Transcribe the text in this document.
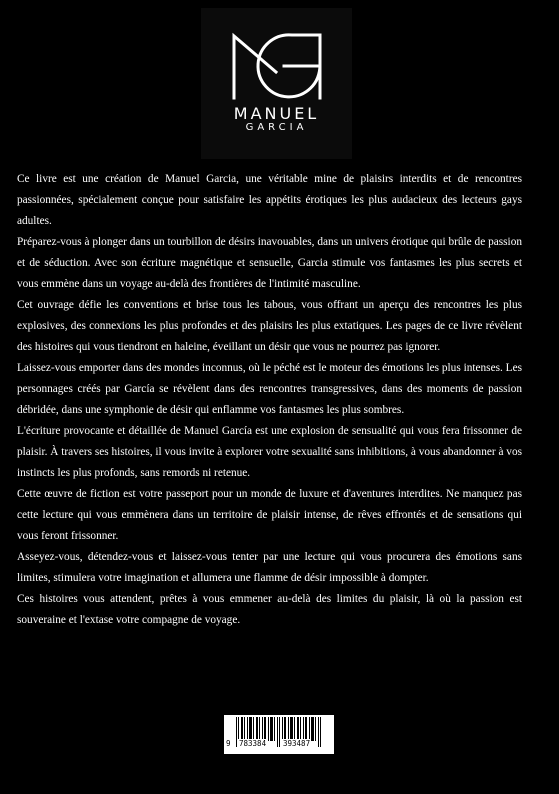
MANUEL
GARCIA

Ce livre est une création de Manuel Garcia, une véritable mine de plaisirs interdits et de rencontres passionnées, spécialement conçue pour satisfaire les appétits érotiques les plus audacieux des lecteurs gays adultes.

Préparez-vous à plonger dans un tourbillon de désirs inavouables, dans un univers érotique qui brûle de passion et de séduction. Avec son écriture magnétique et sensuelle, Garcia stimule vos fantasmes les plus secrets et vous emmène dans un voyage au-delà des frontières de l'intimité masculine.

Cet ouvrage défie les conventions et brise tous les tabous, vous offrant un aperçu des rencontres les plus explosives, des connexions les plus profondes et des plaisirs les plus extatiques. Les pages de ce livre révèlent des histoires qui vous tiendront en haleine, éveillant un désir que vous ne pourrez pas ignorer.

Laissez-vous emporter dans des mondes inconnus, où le péché est le moteur des émotions les plus intenses. Les personnages créés par García se révèlent dans des rencontres transgressives, dans des moments de passion débridée, dans une symphonie de désir qui enflamme vos fantasmes les plus sombres.

L'écriture provocante et détaillée de Manuel García est une explosion de sensualité qui vous fera frissonner de plaisir. À travers ses histoires, il vous invite à explorer votre sexualité sans inhibitions, à vous abandonner à vos instincts les plus profonds, sans remords ni retenue.

Cette œuvre de fiction est votre passeport pour un monde de luxure et d'aventures interdites. Ne manquez pas cette lecture qui vous emmènera dans un territoire de plaisir intense, de rêves effrontés et de sensations qui vous feront frissonner.

Asseyez-vous, détendez-vous et laissez-vous tenter par une lecture qui vous procurera des émotions sans limites, stimulera votre imagination et allumera une flamme de désir impossible à dompter.

Ces histoires vous attendent, prêtes à vous emmener au-delà des limites du plaisir, là où la passion est souveraine et l'extase votre compagne de voyage.

9 783384 393487
